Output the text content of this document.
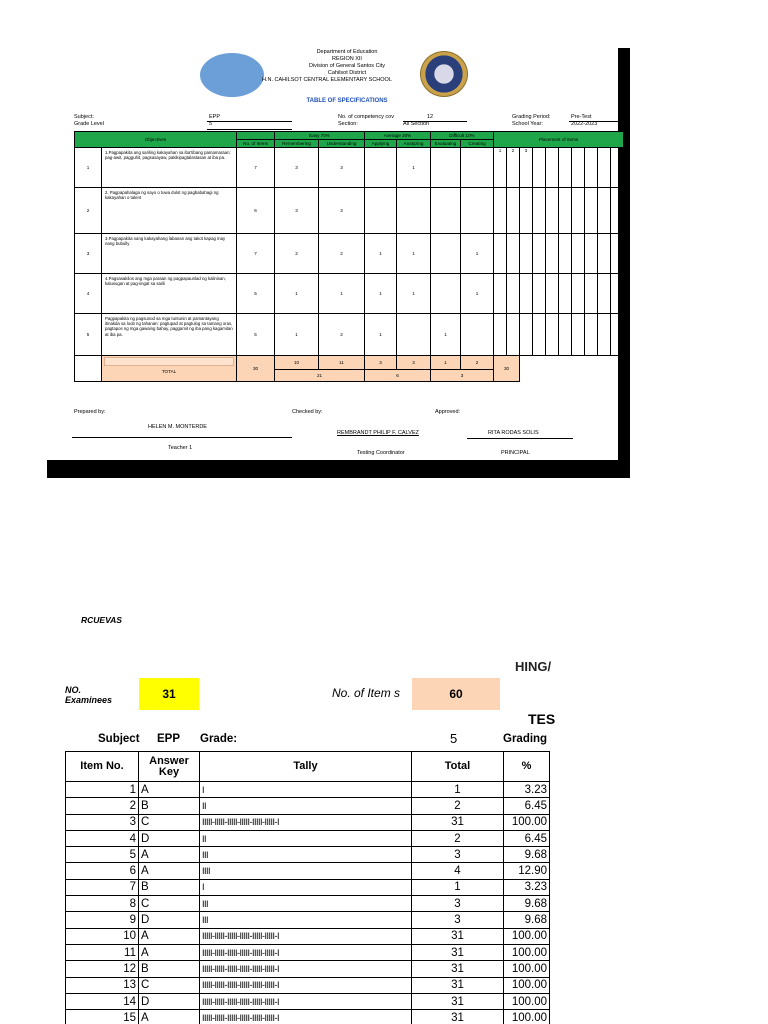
Department of Education
REGION XII
Division of General Santos City
Cahilsot District
H.N. CAHILSOT CENTRAL ELEMENTARY SCHOOL
TABLE OF SPECIFICATIONS
Subject:	EPP
Grade Level	5
No. of competency cov	12
Section:	All Section
Grading Period:	Pre-Test
School Year:	2022-2023
Objectives			Easy 70%		Average 20%		Difficult 10%		Placement of Items									
		No. of Items	Remembering	Understanding	Applying	Analyzing	Evaluating	Creating										
1	1.Pagpapakita ang sariling kakayahan sa iba’tibang pamamaraan: pag-awit, pagguhit, pagsasayaw, pakikipagtalastasan at iba pa.	7	3	3		1			1	2	3							
2	2. Pagpapahalaga ng sayo o tuwa dulot ng pagbabahagi ng kakayahan o talent	6	3	3														
3	3.Pagpapakita nang kakayahang labanan ang takot kapag may nang bubully	7	2	2	1	1		1										
4	4.Pagsasakilos ang mga paraan ng pagpapaunlad ng kalinisan, kalusugan at pag-iingat sa sarili	5	1	1	1	1		1										
5	Pagpapakita ng pagsunod sa mga tuntunin at pamantayang itinakda sa loob ng tahanan: pagtupad at pagtulog sa tamang oras, pagtapos ng mga gawaing bahay, paggamit ng iba pang kagamitan at iba pa.	5	1	2	1		1											

	TOTAL	30	10	11	3	3	1	2	30									
			21		6		3											
Prepared by:	Checked by:	Approved:
HELEN M. MONTERDE
Teacher 1
REMBRANDT PHILIP F. CALVEZ
Testing Coordinator
RITA RODAS SOLIS
PRINCIPAL
RCUEVAS
HING/
NO.
Examinees	31	No. of Item s	60
TES
Subject EPP Grade:	5	Grading
Item No.	Answer Key	Tally	Total	%
1	A	I	1	3.23
2	B	II	2	6.45
3	C	IIIII-IIIII-IIIII-IIIII-IIIII-IIIII-I	31	100.00
4	D	II	2	6.45
5	A	III	3	9.68
6	A	IIII	4	12.90
7	B	I	1	3.23
8	C	III	3	9.68
9	D	III	3	9.68
10	A	IIIII-IIIII-IIIII-IIIII-IIIII-IIIII-I	31	100.00
11	A	IIIII-IIIII-IIIII-IIIII-IIIII-IIIII-I	31	100.00
12	B	IIIII-IIIII-IIIII-IIIII-IIIII-IIIII-I	31	100.00
13	C	IIIII-IIIII-IIIII-IIIII-IIIII-IIIII-I	31	100.00
14	D	IIIII-IIIII-IIIII-IIIII-IIIII-IIIII-I	31	100.00
15	A	IIIII-IIIII-IIIII-IIIII-IIIII-IIIII-I	31	100.00
